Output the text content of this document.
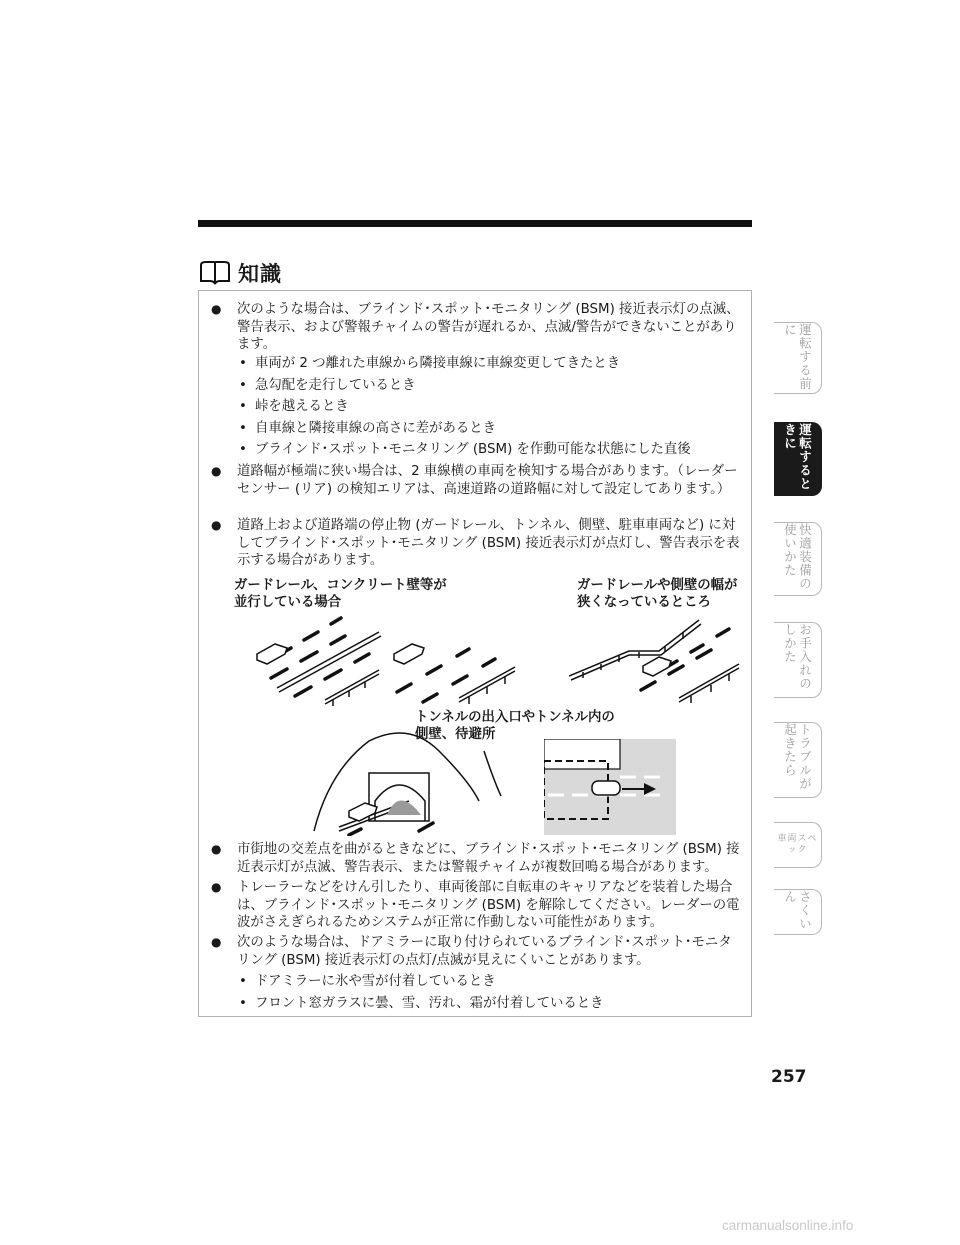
知識
● 次のような場合は、ブラインド･スポット･モニタリング (BSM) 接近表示灯の点滅、警告表示、および警報チャイムの警告が遅れるか、点滅/警告ができないことがあります。
• 車両が 2 つ離れた車線から隣接車線に車線変更してきたとき
• 急勾配を走行しているとき
• 峠を越えるとき
• 自車線と隣接車線の高さに差があるとき
• ブラインド･スポット･モニタリング (BSM) を作動可能な状態にした直後
● 道路幅が極端に狭い場合は、2 車線横の車両を検知する場合があります。（レーダーセンサー (リア) の検知エリアは、高速道路の道路幅に対して設定してあります。）
● 道路上および道路端の停止物 (ガードレール、トンネル、側壁、駐車車両など) に対してブラインド･スポット･モニタリング (BSM) 接近表示灯が点灯し、警告表示を表示する場合があります。
ガードレール、コンクリート壁等が
並行している場合
ガードレールや側壁の幅が
狭くなっているところ
トンネルの出入口やトンネル内の
側壁、待避所
● 市街地の交差点を曲がるときなどに、ブラインド･スポット･モニタリング (BSM) 接近表示灯が点滅、警告表示、または警報チャイムが複数回鳴る場合があります。
● トレーラーなどをけん引したり、車両後部に自転車のキャリアなどを装着した場合は、ブラインド･スポット･モニタリング (BSM) を解除してください。レーダーの電波がさえぎられるためシステムが正常に作動しない可能性があります。
● 次のような場合は、ドアミラーに取り付けられているブラインド･スポット･モニタリング (BSM) 接近表示灯の点灯/点滅が見えにくいことがあります。
• ドアミラーに氷や雪が付着しているとき
• フロント窓ガラスに曇、雪、汚れ、霜が付着しているとき
運転する前に
運転するときに
快適装備の使いかた
お手入れのしかた
トラブルが起きたら
車両スペック
さくいん
257
carmanualsonline.info
